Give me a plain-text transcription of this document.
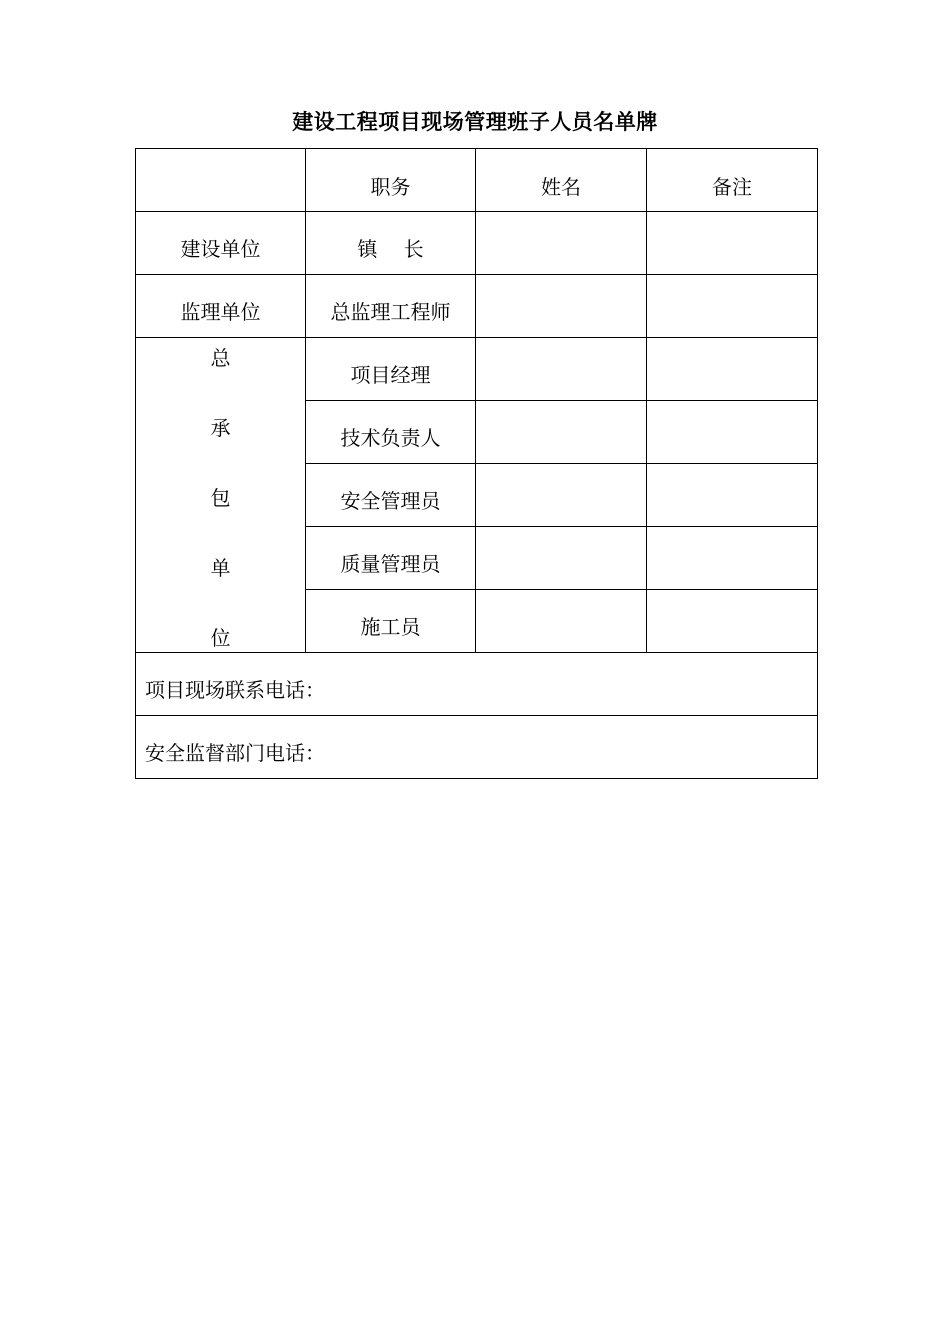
建设工程项目现场管理班子人员名单牌
	职务	姓名	备注
建设单位	镇　 长		
监理单位	总监理工程师		

总
承
包
单
位	项目经理		
	技术负责人		
	安全管理员		
	质量管理员		
	施工员		
项目现场联系电话：			
安全监督部门电话：			
